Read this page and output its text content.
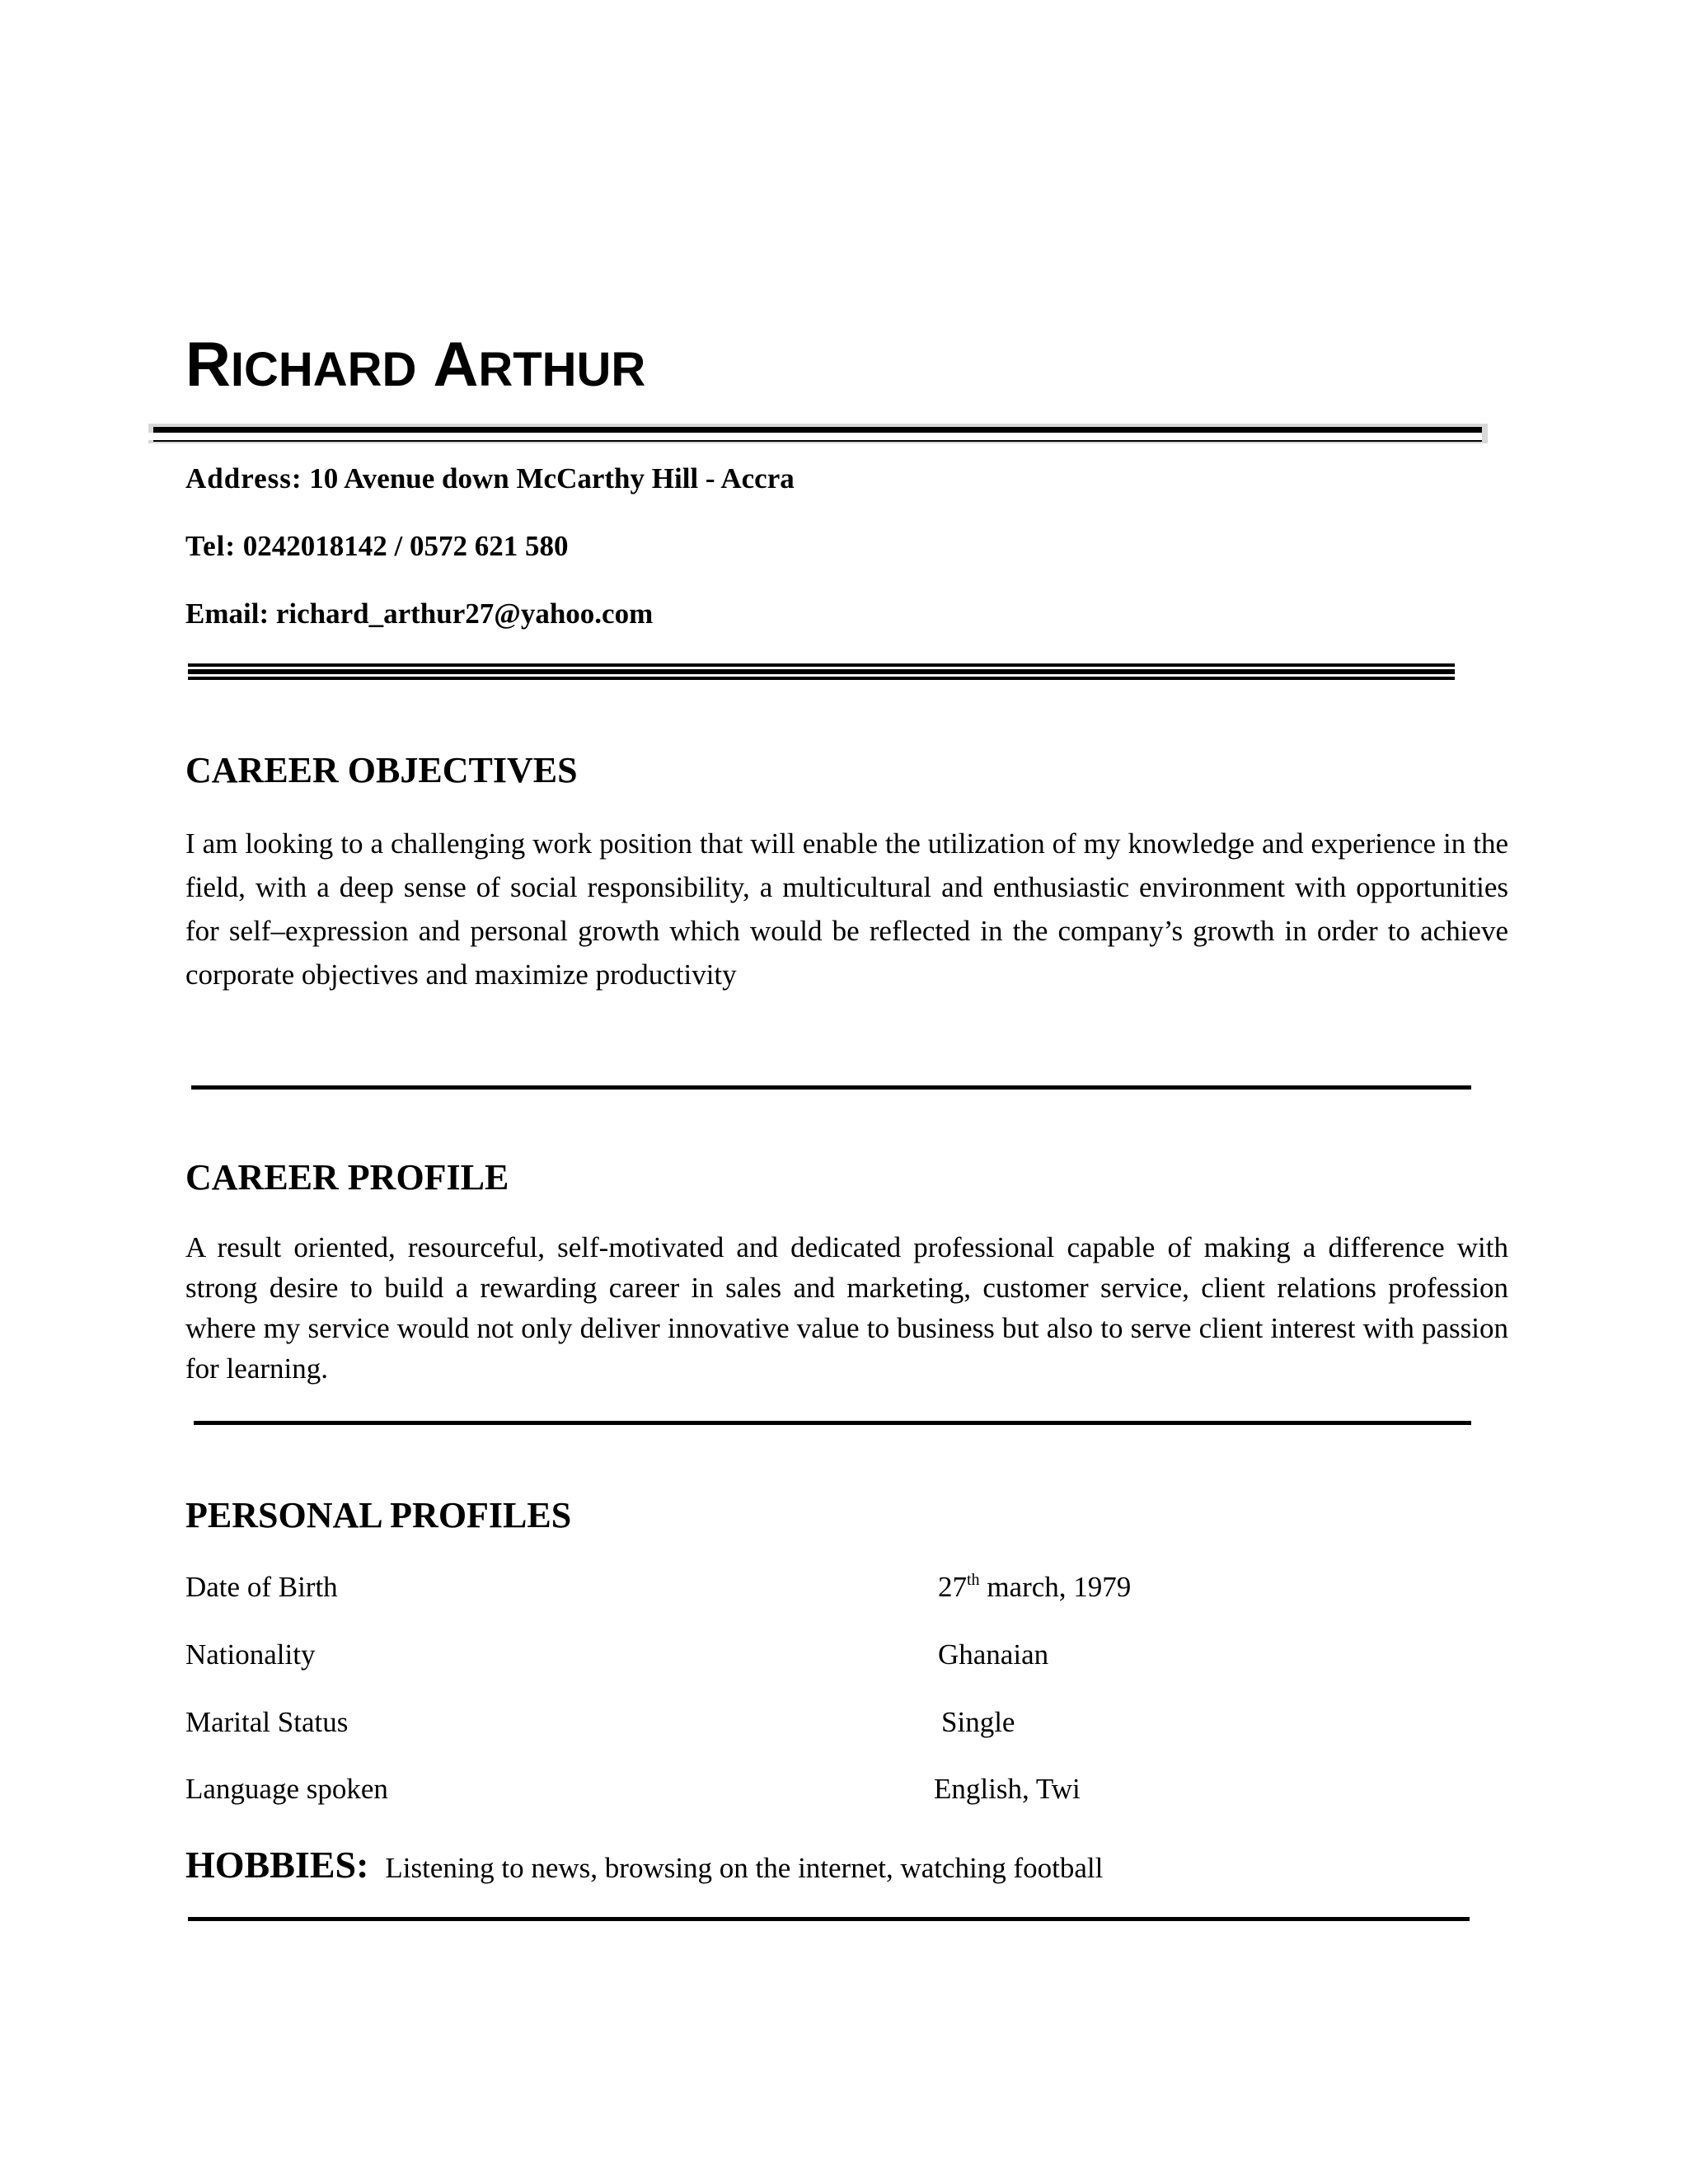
RICHARD ARTHUR
Address: 10 Avenue down McCarthy Hill - Accra
Tel: 0242018142 / 0572 621 580
Email: richard_arthur27@yahoo.com
CAREER OBJECTIVES
I am looking to a challenging work position that will enable the utilization of my knowledge and experience in the field, with a deep sense of social responsibility, a multicultural and enthusiastic environment with opportunities for self–expression and personal growth which would be reflected in the company’s growth in order to achieve corporate objectives and maximize productivity
CAREER PROFILE
A result oriented, resourceful, self-motivated and dedicated professional capable of making a difference with strong desire to build a rewarding career in sales and marketing, customer service, client relations profession where my service would not only deliver innovative value to business but also to serve client interest with passion for learning.
PERSONAL PROFILES
Date of Birth	27th march, 1979
Nationality	Ghanaian
Marital Status	Single
Language spoken	English, Twi
HOBBIES: Listening to news, browsing on the internet, watching football
